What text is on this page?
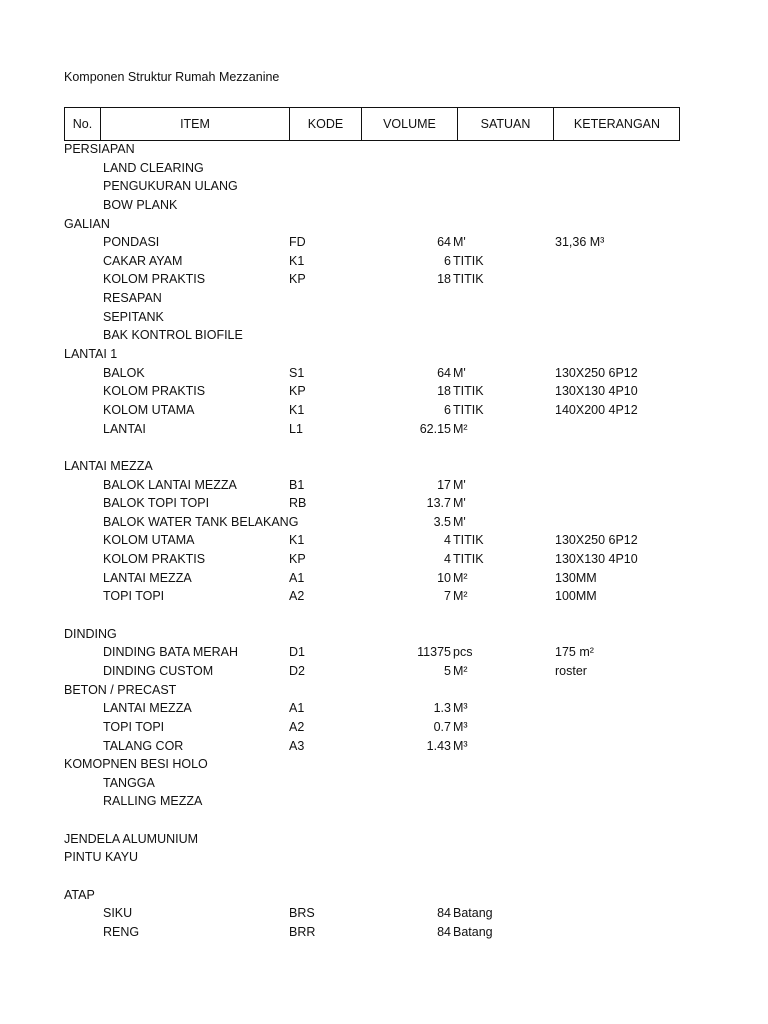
Komponen Struktur Rumah Mezzanine
No.	ITEM	KODE	VOLUME	SATUAN	KETERANGAN
PERSIAPAN
LAND CLEARING
PENGUKURAN ULANG
BOW PLANK
GALIAN
PONDASI	FD	64 M'	31,36 M³
CAKAR AYAM	K1	6 TITIK
KOLOM PRAKTIS	KP	18 TITIK
RESAPAN
SEPITANK
BAK KONTROL BIOFILE
LANTAI 1
BALOK	S1	64 M'	130X250 6P12
KOLOM PRAKTIS	KP	18 TITIK	130X130 4P10
KOLOM UTAMA	K1	6 TITIK	140X200 4P12
LANTAI	L1	62.15 M²
LANTAI MEZZA
BALOK LANTAI MEZZA	B1	17 M'
BALOK TOPI TOPI	RB	13.7 M'
BALOK WATER TANK BELAKANG	3.5 M'
KOLOM UTAMA	K1	4 TITIK	130X250 6P12
KOLOM PRAKTIS	KP	4 TITIK	130X130 4P10
LANTAI MEZZA	A1	10 M²	130MM
TOPI TOPI	A2	7 M²	100MM
DINDING
DINDING BATA MERAH	D1	11375 pcs	175 m²
DINDING CUSTOM	D2	5 M²	roster
BETON / PRECAST
LANTAI MEZZA	A1	1.3 M³
TOPI TOPI	A2	0.7 M³
TALANG COR	A3	1.43 M³
KOMOPNEN BESI HOLO
TANGGA
RALLING MEZZA
JENDELA ALUMUNIUM
PINTU KAYU
ATAP
SIKU	BRS	84 Batang
RENG	BRR	84 Batang
